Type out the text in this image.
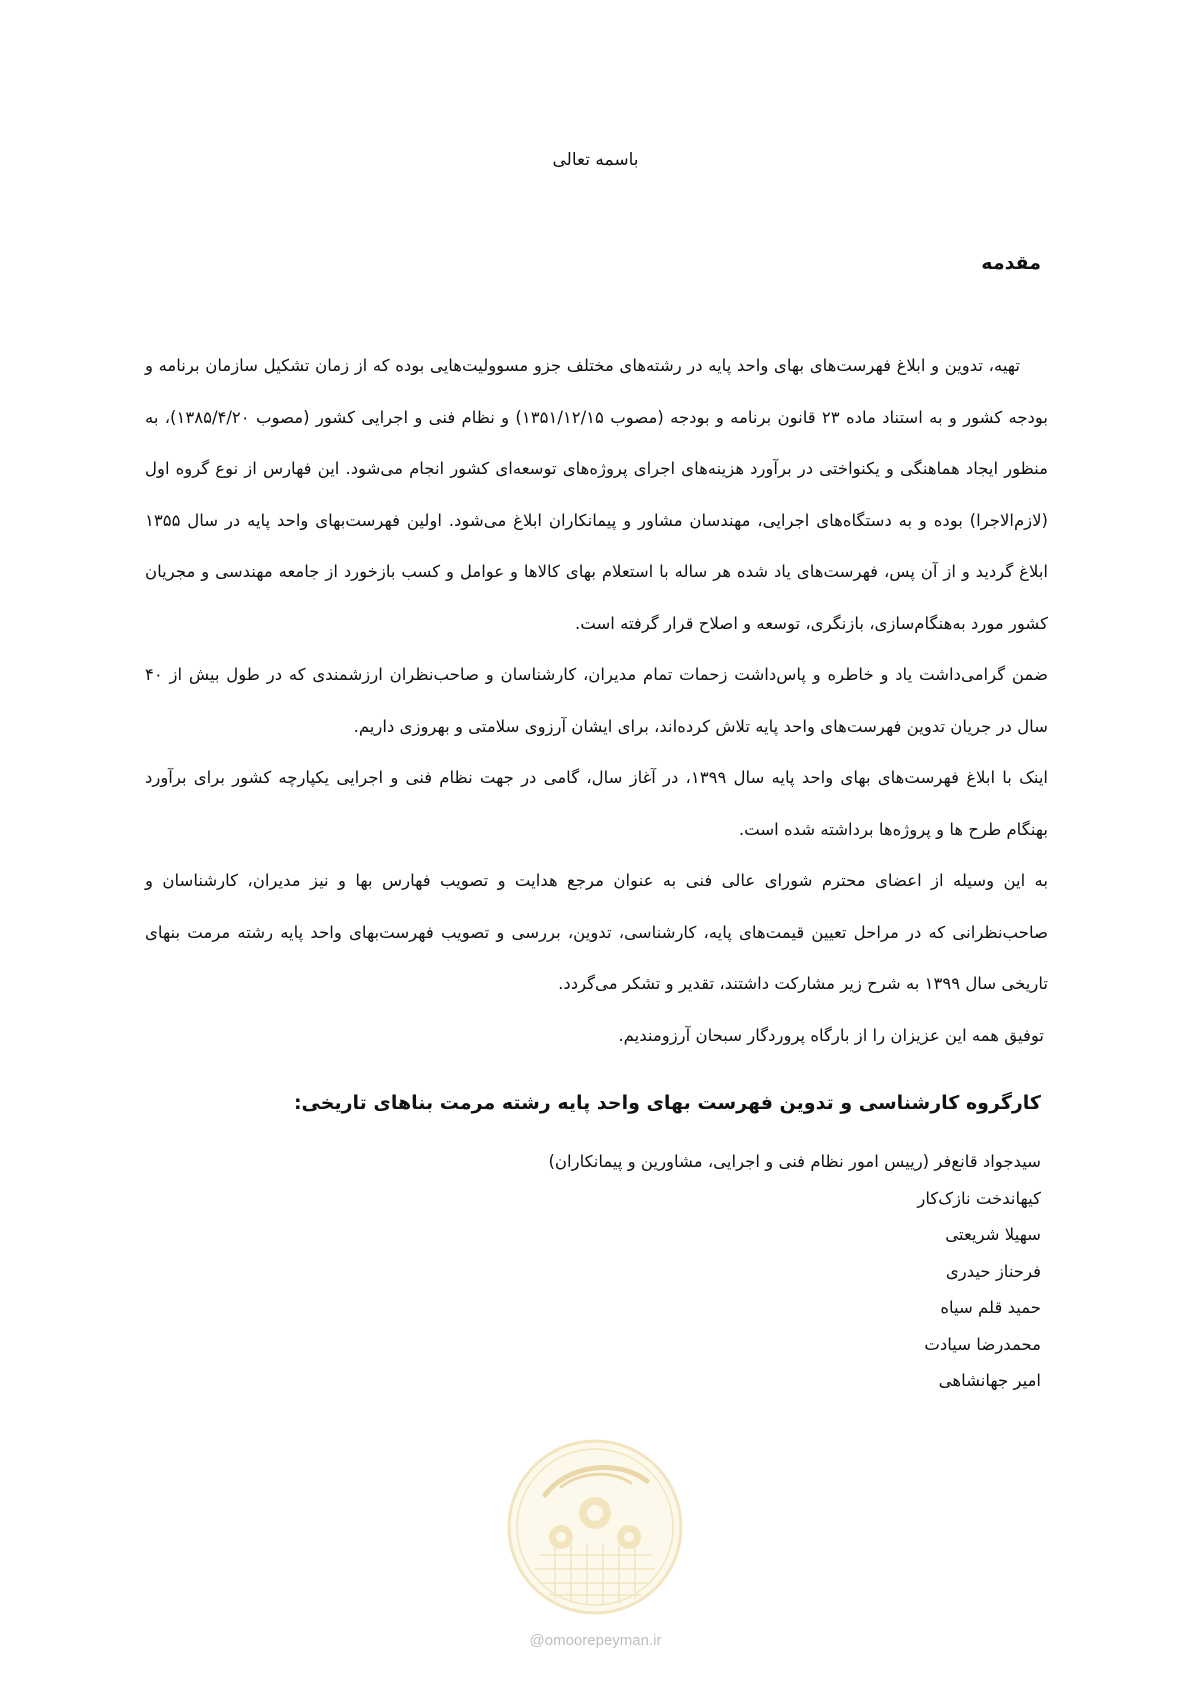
باسمه تعالی
مقدمه

تهیه، تدوین و ابلاغ فهرست‌های بهای واحد پایه در رشته‌های مختلف جزو مسوولیت‌هایی بوده که از زمان تشکیل سازمان برنامه و بودجه کشور و به استناد ماده ۲۳ قانون برنامه و بودجه (مصوب ۱۳۵۱/۱۲/۱۵) و نظام فنی و اجرایی کشور (مصوب ۱۳۸۵/۴/۲۰)، به منظور ایجاد هماهنگی و یکنواختی در برآورد هزینه‌های اجرای پروژه‌های توسعه‌ای کشور انجام می‌شود. این فهارس از نوع گروه اول (لازم‌الاجرا) بوده و به دستگاه‌های اجرایی، مهندسان مشاور و پیمانکاران ابلاغ می‌شود. اولین فهرست‌بهای واحد پایه در سال ۱۳۵۵ ابلاغ گردید و از آن پس، فهرست‌های یاد شده هر ساله با استعلام بهای کالاها و عوامل و کسب بازخورد از جامعه مهندسی و مجریان کشور مورد به‌هنگام‌سازی، بازنگری، توسعه و اصلاح قرار گرفته است.

ضمن گرامی‌داشت یاد و خاطره و پاس‌داشت زحمات تمام مدیران، کارشناسان و صاحب‌نظران ارزشمندی که در طول بیش از ۴۰ سال در جریان تدوین فهرست‌های واحد پایه تلاش کرده‌اند، برای ایشان آرزوی سلامتی و بهروزی داریم.

اینک با ابلاغ فهرست‌های بهای واحد پایه سال ۱۳۹۹، در آغاز سال، گامی در جهت نظام فنی و اجرایی یکپارچه کشور برای برآورد بهنگام طرح ها و پروژه‌ها برداشته شده است.

به این وسیله از اعضای محترم شورای عالی فنی به عنوان مرجع هدایت و تصویب فهارس بها و نیز مدیران، کارشناسان و صاحب‌نظرانی که در مراحل تعیین قیمت‌های پایه، کارشناسی، تدوین، بررسی و تصویب فهرست‌بهای واحد پایه رشته مرمت بنهای تاریخی سال ۱۳۹۹ به شرح زیر مشارکت داشتند، تقدیر و تشکر می‌گردد.

توفیق همه این عزیزان را از بارگاه پروردگار سبحان آرزومندیم.

کارگروه کارشناسی و تدوین فهرست بهای واحد پایه رشته مرمت بناهای تاریخی:
سیدجواد قانع‌فر (رییس امور نظام فنی و اجرایی، مشاورین و پیمانکاران)
کیهاندخت نازک‌کار
سهیلا شریعتی
فرحناز حیدری
حمید قلم سیاه
محمدرضا سیادت
امیر جهانشاهی
@omoorepeyman.ir
